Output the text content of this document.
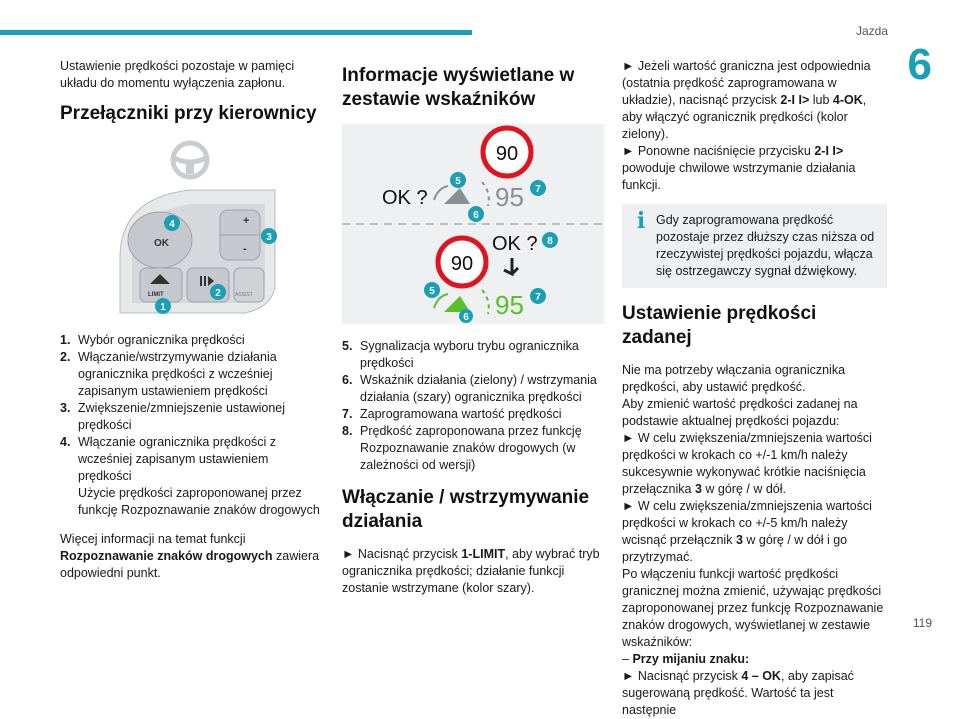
Jazda
6

Ustawienie prędkości pozostaje w pamięci układu do momentu wyłączenia zapłonu.

Przełączniki przy kierownicy
OK
+
-
LIMIT	ASSIST
1
2
3
4
1. Wybór ogranicznika prędkości
2. Włączanie/wstrzymywanie działania ogranicznika prędkości z wcześniej zapisanym ustawieniem prędkości
3. Zwiększenie/zmniejszenie ustawionej prędkości
4. Włączanie ogranicznika prędkości z wcześniej zapisanym ustawieniem prędkości
Użycie prędkości zaproponowanej przez funkcję Rozpoznawanie znaków drogowych

Więcej informacji na temat funkcji Rozpoznawanie znaków drogowych zawiera odpowiedni punkt.

Informacje wyświetlane w zestawie wskaźników
90
OK ?	95
90
OK ?
95
5
6
7
8
5
6
7
5. Sygnalizacja wyboru trybu ogranicznika prędkości
6. Wskaźnik działania (zielony) / wstrzymania działania (szary) ogranicznika prędkości
7. Zaprogramowana wartość prędkości
8. Prędkość zaproponowana przez funkcję Rozpoznawanie znaków drogowych (w zależności od wersji)
Włączanie / wstrzymywanie działania

► Nacisnąć przycisk 1-LIMIT, aby wybrać tryb ogranicznika prędkości; działanie funkcji zostanie wstrzymane (kolor szary).

► Jeżeli wartość graniczna jest odpowiednia (ostatnia prędkość zaprogramowana w układzie), nacisnąć przycisk 2-I I> lub 4-OK, aby włączyć ogranicznik prędkości (kolor zielony).
► Ponowne naciśnięcie przycisku 2-I I> powoduje chwilowe wstrzymanie działania funkcji.

i Gdy zaprogramowana prędkość pozostaje przez dłuższy czas niższa od rzeczywistej prędkości pojazdu, włącza się ostrzegawczy sygnał dźwiękowy.
Ustawienie prędkości zadanej

Nie ma potrzeby włączania ogranicznika prędkości, aby ustawić prędkość.

Aby zmienić wartość prędkości zadanej na podstawie aktualnej prędkości pojazdu:

► W celu zwiększenia/zmniejszenia wartości prędkości w krokach co +/-1 km/h należy sukcesywnie wykonywać krótkie naciśnięcia przełącznika 3 w górę / w dół.

► W celu zwiększenia/zmniejszenia wartości prędkości w krokach co +/-5 km/h należy wcisnąć przełącznik 3 w górę / w dół i go przytrzymać.

Po włączeniu funkcji wartość prędkości granicznej można zmienić, używając prędkości zaproponowanej przez funkcję Rozpoznawanie znaków drogowych, wyświetlanej w zestawie wskaźników:

– Przy mijaniu znaku:

► Nacisnąć przycisk 4 – OK, aby zapisać sugerowaną prędkość. Wartość ta jest następnie

119
